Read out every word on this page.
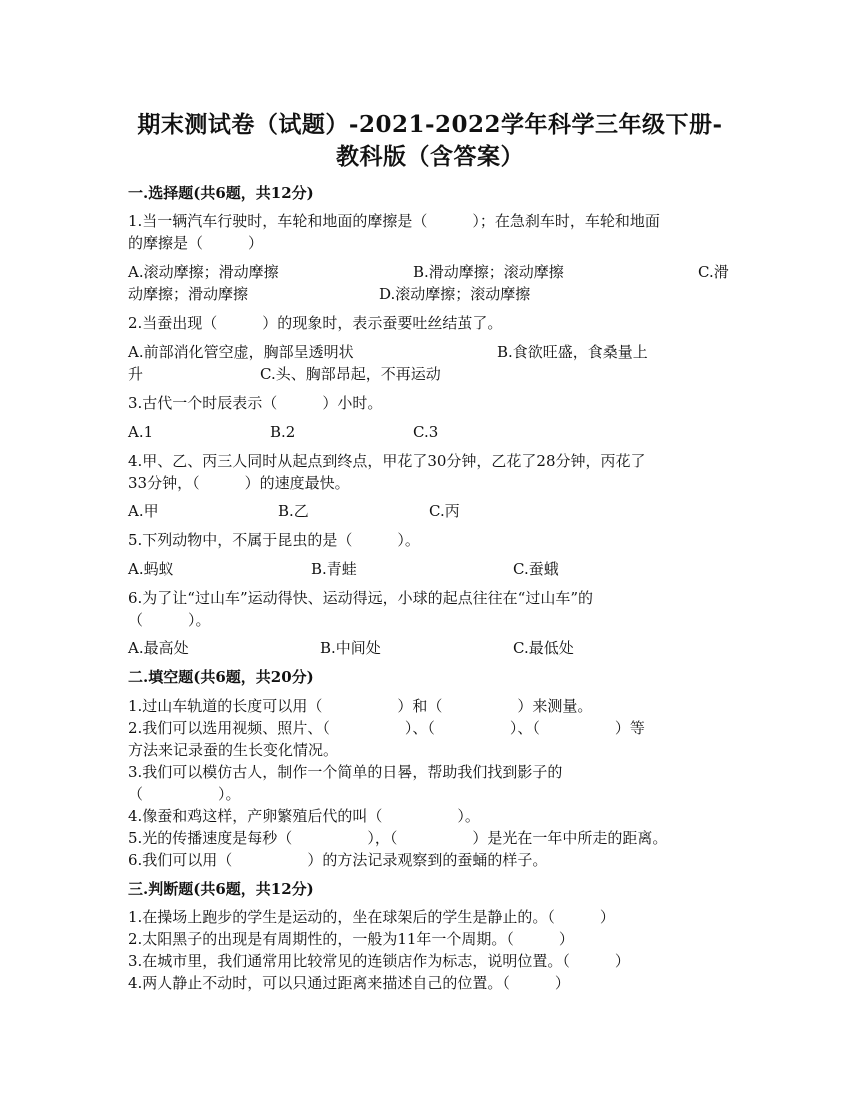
期末测试卷（试题）-2021-2022学年科学三年级下册-
教科版（含答案）
一.选择题(共6题，共12分)
1.当一辆汽车行驶时，车轮和地面的摩擦是（　　　）；在急刹车时，车轮和地面
的摩擦是（　　　）
A.滚动摩擦；滑动摩擦	B.滑动摩擦；滚动摩擦	C.滑
动摩擦；滑动摩擦	D.滚动摩擦；滚动摩擦
2.当蚕出现（　　　）的现象时，表示蚕要吐丝结茧了。
A.前部消化管空虚，胸部呈透明状	B.食欲旺盛，食桑量上
升	C.头、胸部昂起，不再运动
3.古代一个时辰表示（　　　）小时。
A.1	B.2	C.3
4.甲、乙、丙三人同时从起点到终点，甲花了30分钟，乙花了28分钟，丙花了
33分钟，（　　　）的速度最快。
A.甲	B.乙	C.丙
5.下列动物中，不属于昆虫的是（　　　）。
A.蚂蚁	B.青蛙	C.蚕蛾
6.为了让“过山车”运动得快、运动得远，小球的起点往往在“过山车”的
（　　　）。
A.最高处	B.中间处	C.最低处
二.填空题(共6题，共20分)
1.过山车轨道的长度可以用（　　　　　）和（　　　　　）来测量。
2.我们可以选用视频、照片、（　　　　　）、（　　　　　）、（　　　　　）等
方法来记录蚕的生长变化情况。
3.我们可以模仿古人，制作一个简单的日晷，帮助我们找到影子的
（　　　　　）。
4.像蚕和鸡这样，产卵繁殖后代的叫（　　　　　）。
5.光的传播速度是每秒（　　　　　），（　　　　　）是光在一年中所走的距离。
6.我们可以用（　　　　　）的方法记录观察到的蚕蛹的样子。
三.判断题(共6题，共12分)
1.在操场上跑步的学生是运动的，坐在球架后的学生是静止的。（　　　）
2.太阳黑子的出现是有周期性的，一般为11年一个周期。（　　　）
3.在城市里，我们通常用比较常见的连锁店作为标志，说明位置。（　　　）
4.两人静止不动时，可以只通过距离来描述自己的位置。（　　　）
